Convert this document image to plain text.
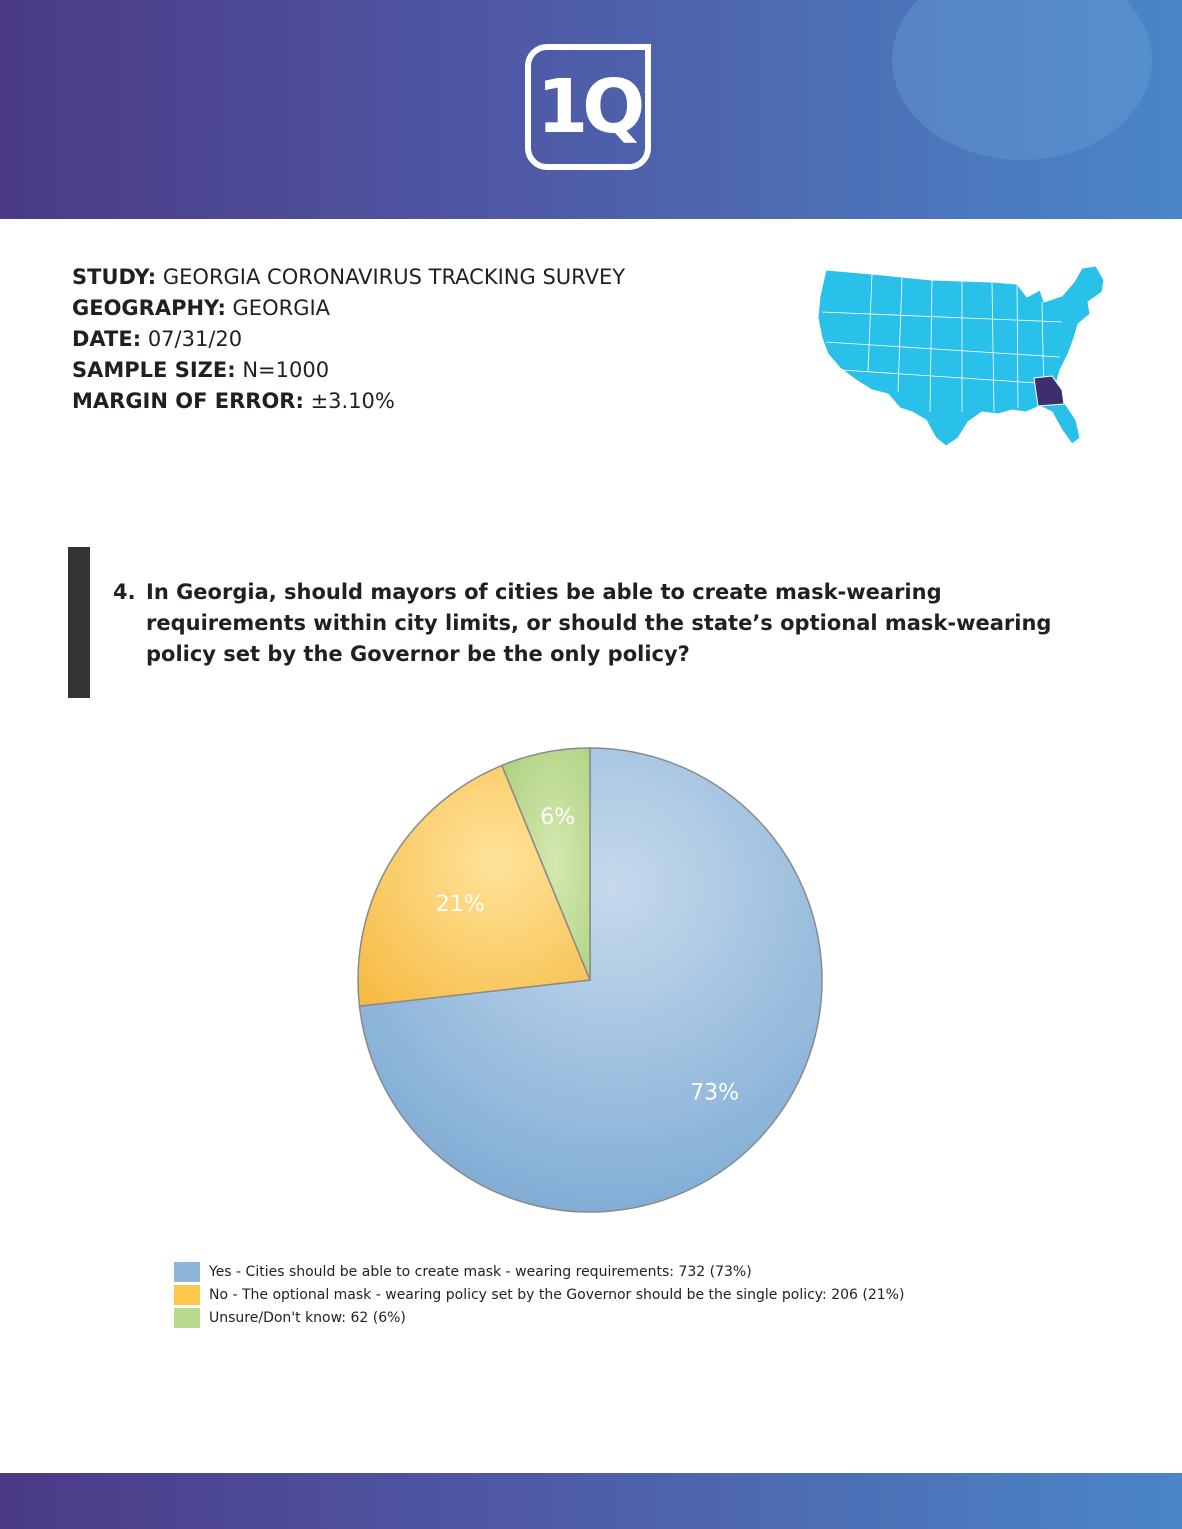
1Q
STUDY: GEORGIA CORONAVIRUS TRACKING SURVEY
GEOGRAPHY: GEORGIA
DATE: 07/31/20
SAMPLE SIZE: N=1000
MARGIN OF ERROR: ±3.10%
4. In Georgia, should mayors of cities be able to create mask-wearing requirements within city limits, or should the state’s optional mask-wearing policy set by the Governor be the only policy?
73%
21%
6%
Yes - Cities should be able to create mask - wearing requirements: 732 (73%)
No - The optional mask - wearing policy set by the Governor should be the single policy: 206 (21%)
Unsure/Don't know: 62 (6%)
